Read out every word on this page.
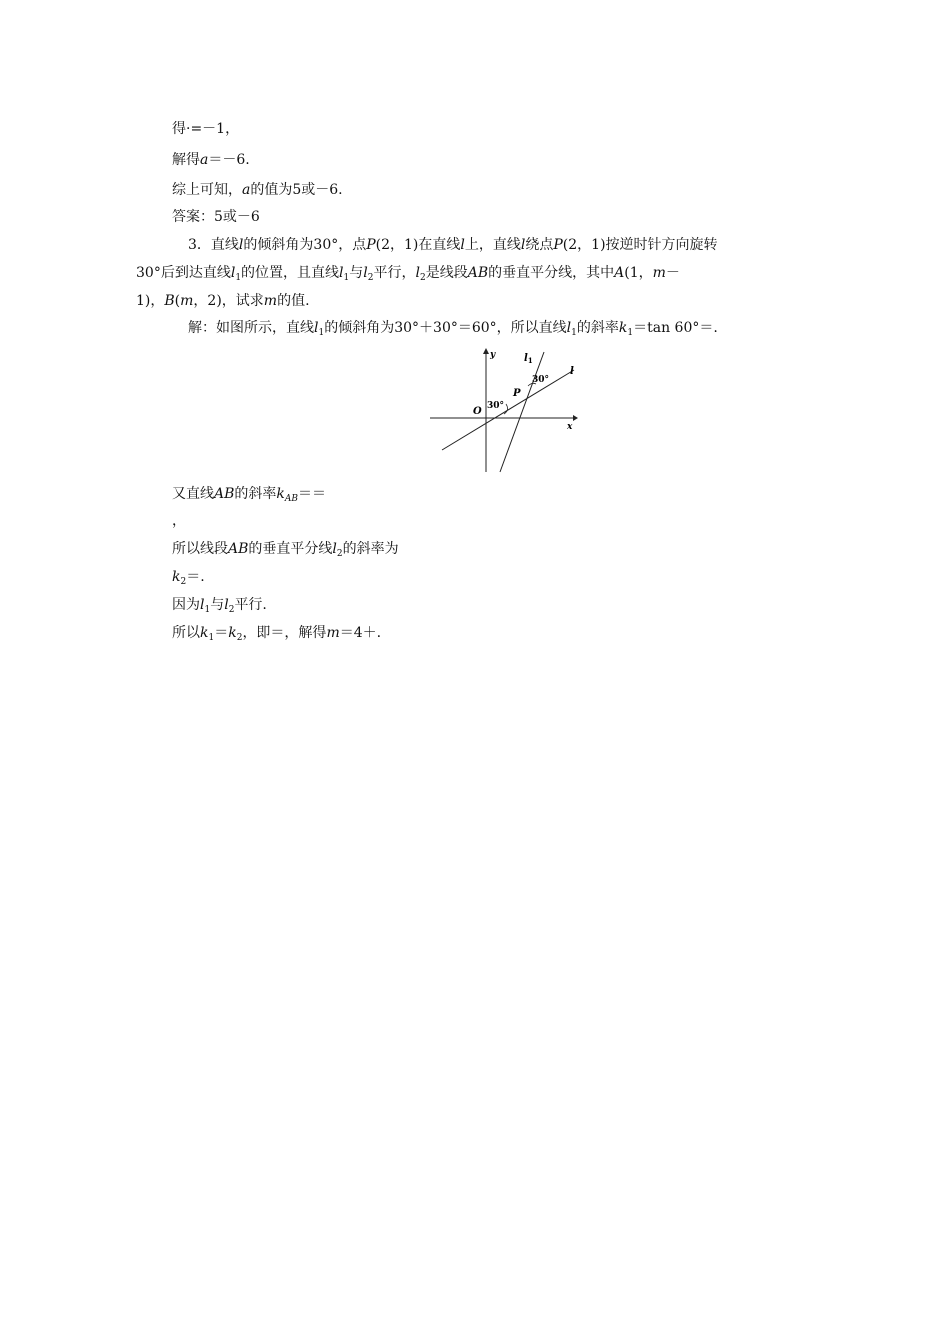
得·=－1，
解得a＝－6.
综上可知，a的值为5或－6.
答案：5或－6
3．直线l的倾斜角为30°，点P(2，1)在直线l上，直线l绕点P(2，1)按逆时针方向旋转
30°后到达直线$l_1$的位置，且直线$l_1$与$l_2$平行，$l_2$是线段AB的垂直平分线，其中A(1，m－
1)，B(m，2)，试求m的值.
解：如图所示，直线$l_1$的倾斜角为30°＋30°＝60°，所以直线$l_1$的斜率$k_1=\tan$ 60°＝.
y
x
O
P
l
$l_1$
30°
30°
又直线AB的斜率$k_{AB}==$
，
所以线段AB的垂直平分线$l_2$的斜率为
$k_2=$.
因为$l_1$与$l_2$平行.
所以$k_1=k_2$，即＝，解得m＝4＋.
